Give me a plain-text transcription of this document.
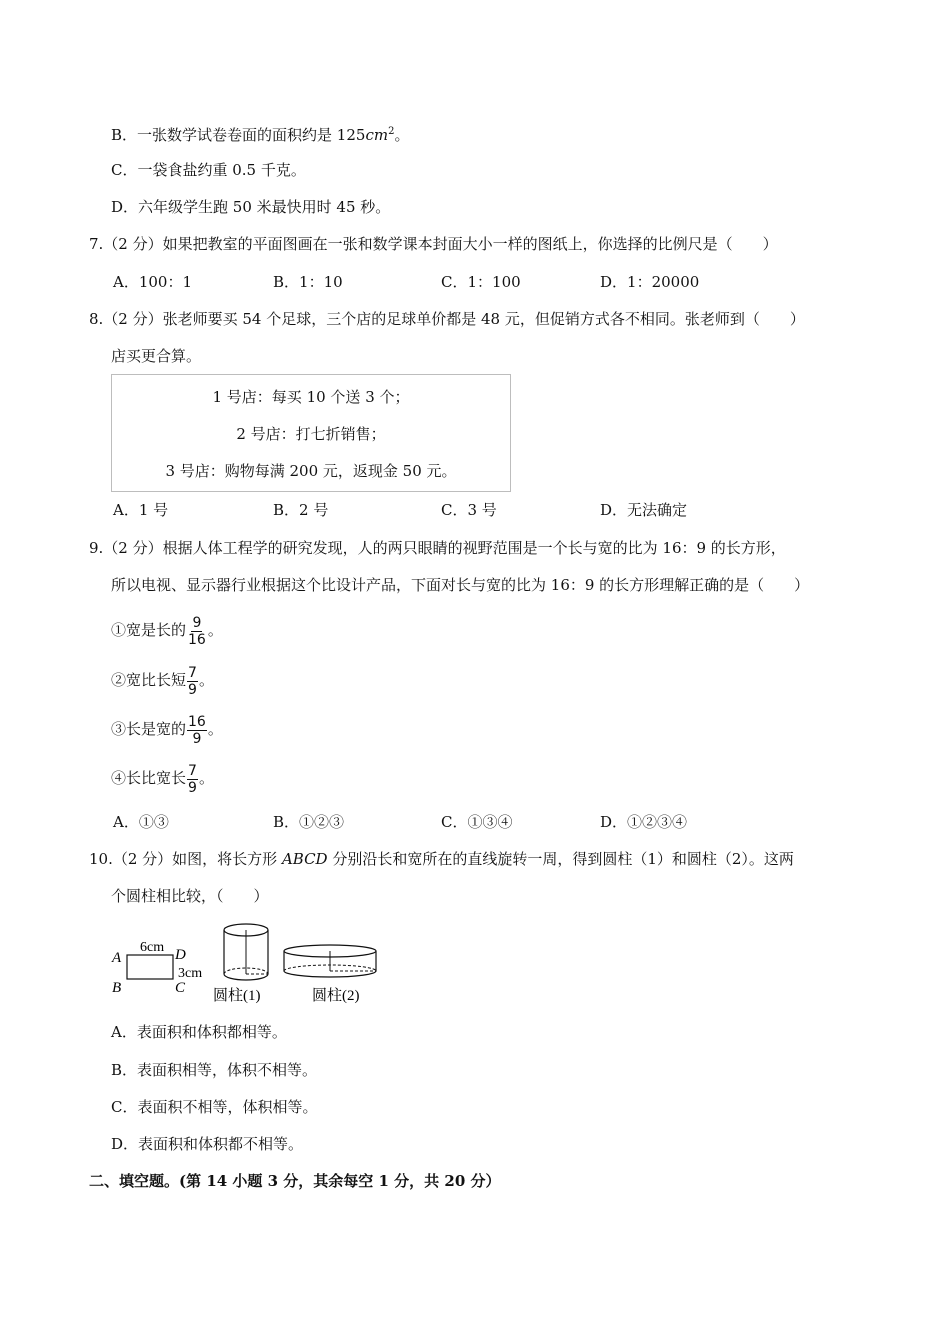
B．一张数学试卷卷面的面积约是 $125cm^2$。
C．一袋食盐约重 0.5 千克。
D．六年级学生跑 50 米最快用时 45 秒。
7.（2 分）如果把教室的平面图画在一张和数学课本封面大小一样的图纸上，你选择的比例尺是（　　）
A．100：1	B．1：10	C．1：100	D．1：20000
8.（2 分）张老师要买 54 个足球，三个店的足球单价都是 48 元，但促销方式各不相同。张老师到（　　）
店买更合算。
1 号店：每买 10 个送 3 个；
2 号店：打七折销售；
3 号店：购物每满 200 元，返现金 50 元。
A．1 号	B．2 号	C．3 号	D．无法确定
9.（2 分）根据人体工程学的研究发现，人的两只眼睛的视野范围是一个长与宽的比为 16：9 的长方形，
所以电视、显示器行业根据这个比设计产品，下面对长与宽的比为 16：9 的长方形理解正确的是（　　）
①宽是长的 $\frac{9}{16}$ 。
②宽比长短 $\frac{7}{9}$ 。
③长是宽的 $\frac{16}{9}$ 。
④长比宽长 $\frac{7}{9}$ 。
A．①③	B．①②③	C．①③④	D．①②③④
10.（2 分）如图，将长方形 ABCD 分别沿长和宽所在的直线旋转一周，得到圆柱（1）和圆柱（2）。这两
个圆柱相比较，（　　）
A
B
D
C
6cm
3cm
圆柱(1)	圆柱(2)
A．表面积和体积都相等。
B．表面积相等，体积不相等。
C．表面积不相等，体积相等。
D．表面积和体积都不相等。
二、填空题。(第 14 小题 3 分，其余每空 1 分，共 20 分）
